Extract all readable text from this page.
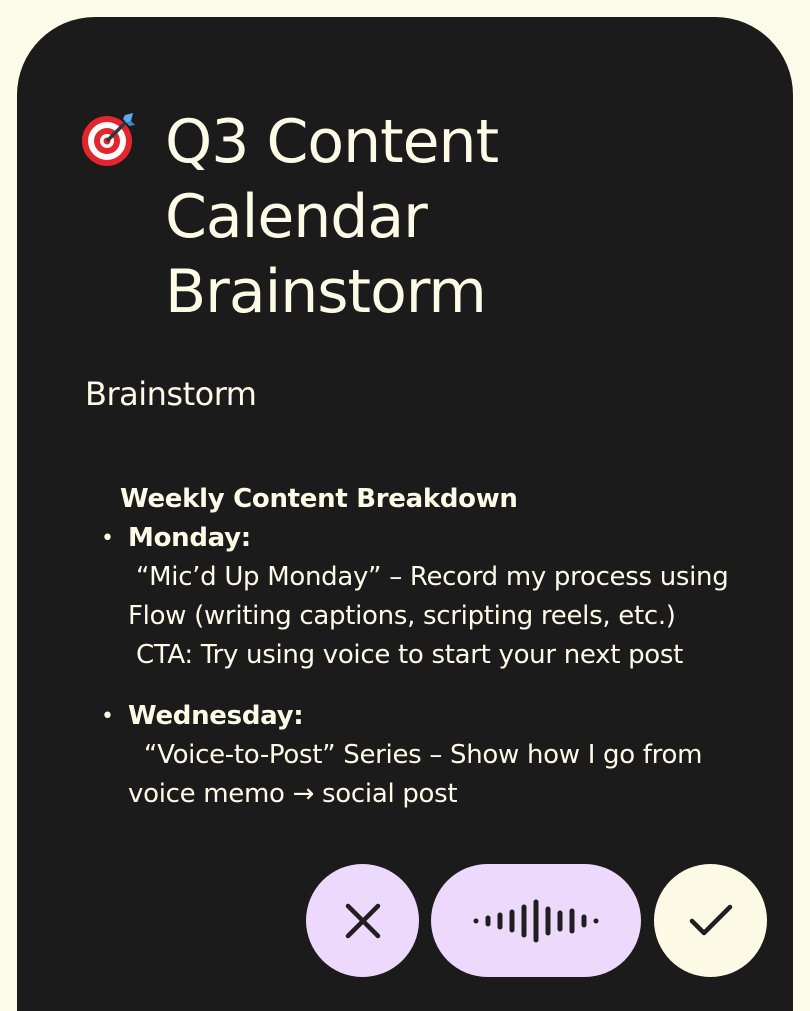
Q3 Content Calendar Brainstorm
Brainstorm
Weekly Content Breakdown
• Monday:
“Mic’d Up Monday” – Record my process using Flow (writing captions, scripting reels, etc.)
CTA: Try using voice to start your next post
• Wednesday:
“Voice-to-Post” Series – Show how I go from voice memo → social post
